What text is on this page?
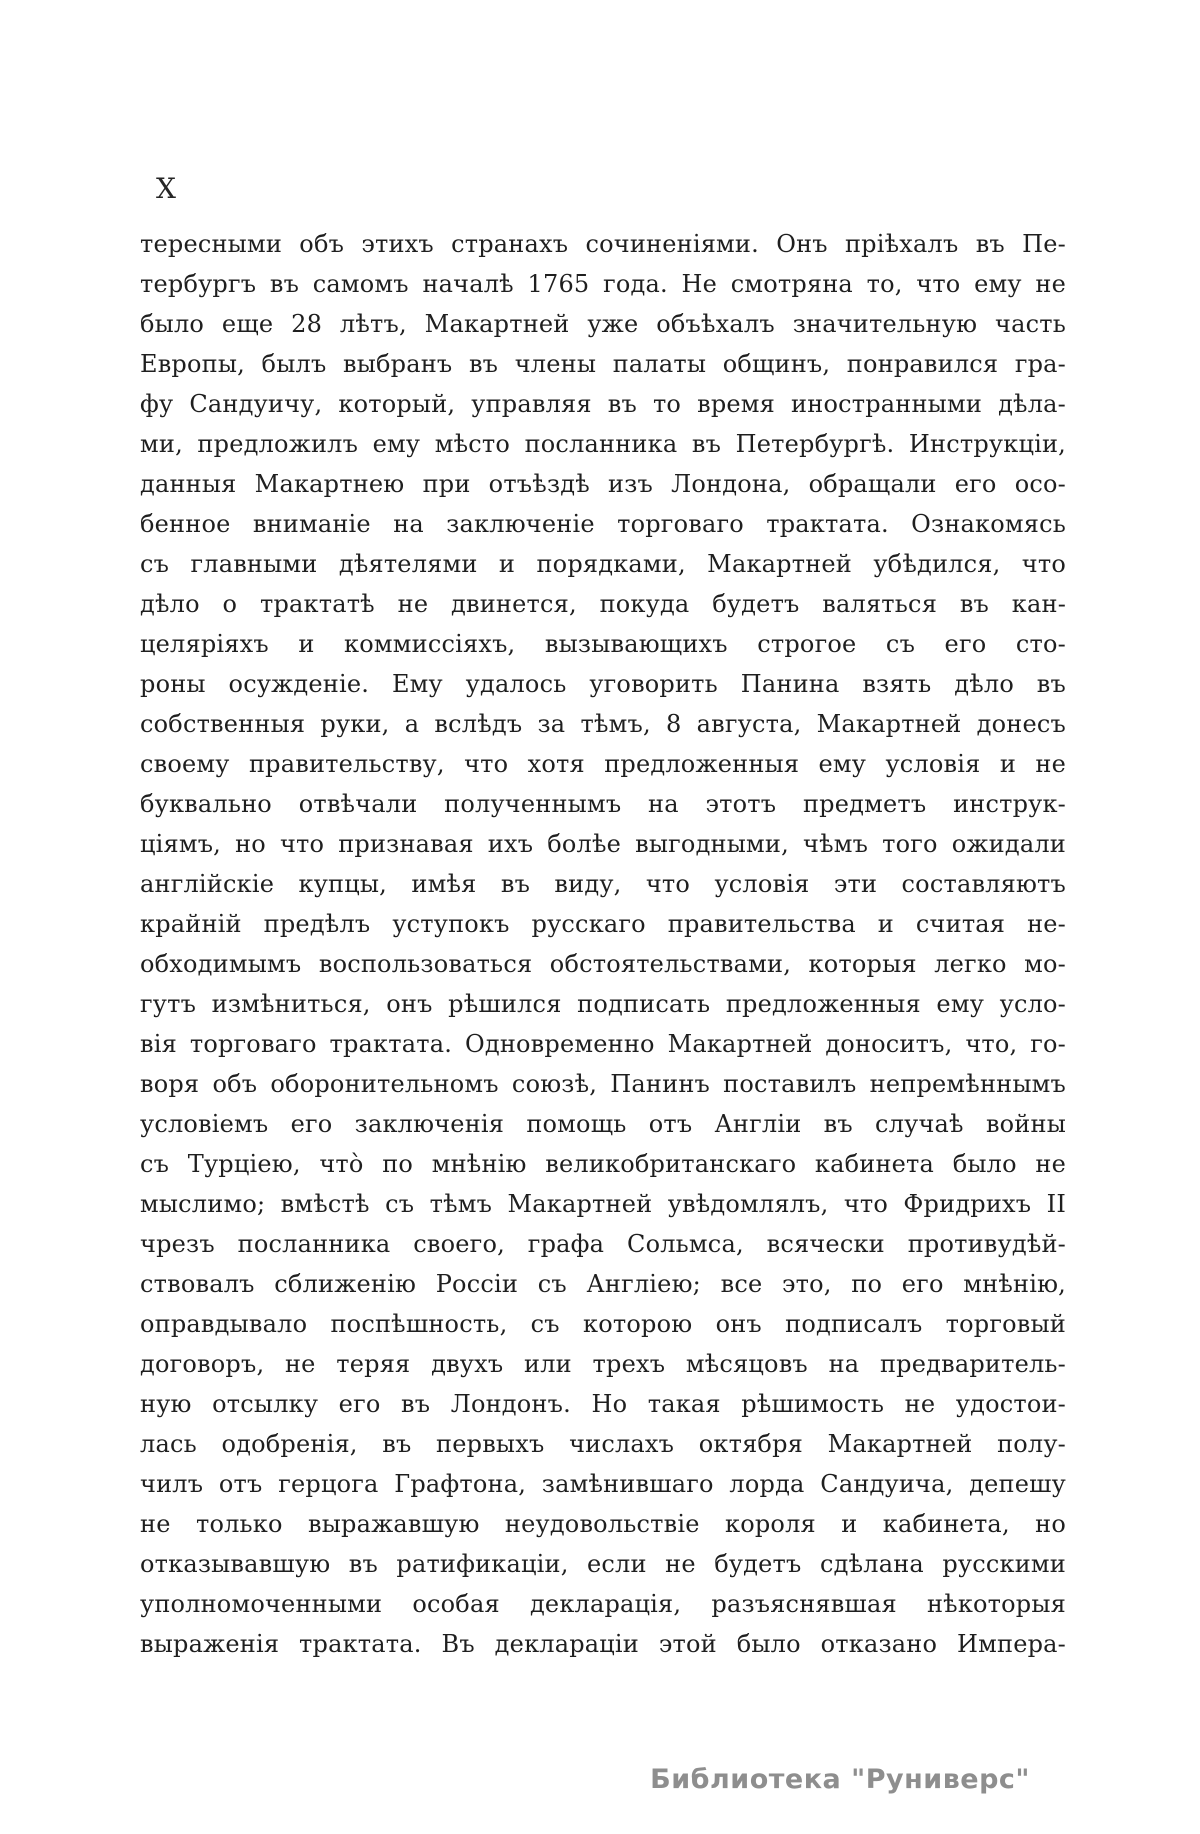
X
тересными объ этихъ странахъ сочиненіями. Онъ пріѣхалъ въ Пе-
тербургъ въ самомъ началѣ 1765 года. Не смотряна то, что ему не
было еще 28 лѣтъ, Макартней уже объѣхалъ значительную часть
Европы, былъ выбранъ въ члены палаты общинъ, понравился гра-
фу Сандуичу, который, управляя въ то время иностранными дѣла-
ми, предложилъ ему мѣсто посланника въ Петербургѣ. Инструкціи,
данныя Макартнею при отъѣздѣ изъ Лондона, обращали его осо-
бенное вниманіе на заключеніе торговаго трактата. Ознакомясь
съ главными дѣятелями и порядками, Макартней убѣдился, что
дѣло о трактатѣ не двинется, покуда будетъ валяться въ кан-
целяріяхъ и коммиссіяхъ, вызывающихъ строгое съ его сто-
роны осужденіе. Ему удалось уговорить Панина взять дѣло въ
собственныя руки, а вслѣдъ за тѣмъ, 8 августа, Макартней донесъ
своему правительству, что хотя предложенныя ему условія и не
буквально отвѣчали полученнымъ на этотъ предметъ инструк-
ціямъ, но что признавая ихъ болѣе выгодными, чѣмъ того ожидали
англійскіе купцы, имѣя въ виду, что условія эти составляютъ
крайній предѣлъ уступокъ русскаго правительства и считая не-
обходимымъ воспользоваться обстоятельствами, которыя легко мо-
гутъ измѣниться, онъ рѣшился подписать предложенныя ему усло-
вія торговаго трактата. Одновременно Макартней доноситъ, что, го-
воря объ оборонительномъ союзѣ, Панинъ поставилъ непремѣннымъ
условіемъ его заключенія помощь отъ Англіи въ случаѣ войны
съ Турціею, что̀ по мнѣнію великобританскаго кабинета было не
мыслимо; вмѣстѣ съ тѣмъ Макартней увѣдомлялъ, что Фридрихъ II
чрезъ посланника своего, графа Сольмса, всячески противудѣй-
ствовалъ сближенію Россіи съ Англіею; все это, по его мнѣнію,
оправдывало поспѣшность, съ которою онъ подписалъ торговый
договоръ, не теряя двухъ или трехъ мѣсяцовъ на предваритель-
ную отсылку его въ Лондонъ. Но такая рѣшимость не удостои-
лась одобренія, въ первыхъ числахъ октября Макартней полу-
чилъ отъ герцога Графтона, замѣнившаго лорда Сандуича, депешу
не только выражавшую неудовольствіе короля и кабинета, но
отказывавшую въ ратификаціи, если не будетъ сдѣлана русскими
уполномоченными особая декларація, разъяснявшая нѣкоторыя
выраженія трактата. Въ деклараціи этой было отказано Импера-
Библиотека "Руниверс"
